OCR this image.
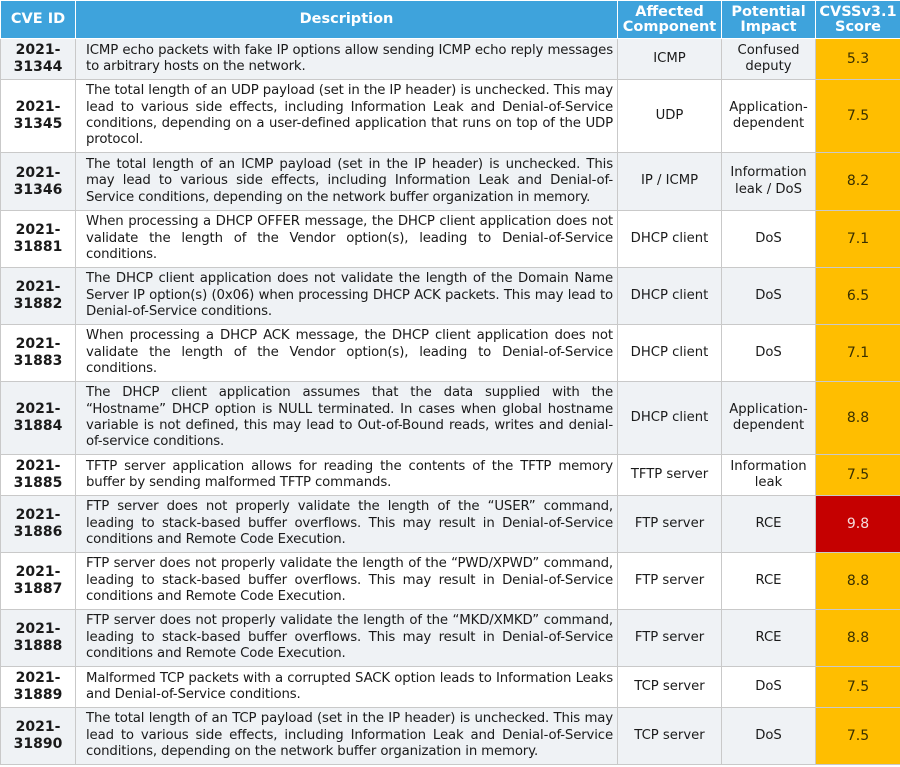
CVE ID	Description	Affected Component	Potential Impact	CVSSv3.1 Score
2021-31344	ICMP echo packets with fake IP options allow sending ICMP echo reply messages to arbitrary hosts on the network.	ICMP	Confused deputy	5.3
2021-31345	The total length of an UDP payload (set in the IP header) is unchecked. This may lead to various side effects, including Information Leak and Denial-of-Service conditions, depending on a user-defined application that runs on top of the UDP protocol.	UDP	Application-dependent	7.5
2021-31346	The total length of an ICMP payload (set in the IP header) is unchecked. This may lead to various side effects, including Information Leak and Denial-of-Service conditions, depending on the network buffer organization in memory.	IP / ICMP	Information leak / DoS	8.2
2021-31881	When processing a DHCP OFFER message, the DHCP client application does not validate the length of the Vendor option(s), leading to Denial-of-Service conditions.	DHCP client	DoS	7.1
2021-31882	The DHCP client application does not validate the length of the Domain Name Server IP option(s) (0x06) when processing DHCP ACK packets. This may lead to Denial-of-Service conditions.	DHCP client	DoS	6.5
2021-31883	When processing a DHCP ACK message, the DHCP client application does not validate the length of the Vendor option(s), leading to Denial-of-Service conditions.	DHCP client	DoS	7.1
2021-31884	The DHCP client application assumes that the data supplied with the “Hostname” DHCP option is NULL terminated. In cases when global hostname variable is not defined, this may lead to Out-of-Bound reads, writes and denial-of-service conditions.	DHCP client	Application-dependent	8.8
2021-31885	TFTP server application allows for reading the contents of the TFTP memory buffer by sending malformed TFTP commands.	TFTP server	Information leak	7.5
2021-31886	FTP server does not properly validate the length of the “USER” command, leading to stack-based buffer overflows. This may result in Denial-of-Service conditions and Remote Code Execution.	FTP server	RCE	9.8
2021-31887	FTP server does not properly validate the length of the “PWD/XPWD” command, leading to stack-based buffer overflows. This may result in Denial-of-Service conditions and Remote Code Execution.	FTP server	RCE	8.8
2021-31888	FTP server does not properly validate the length of the “MKD/XMKD” command, leading to stack-based buffer overflows. This may result in Denial-of-Service conditions and Remote Code Execution.	FTP server	RCE	8.8
2021-31889	Malformed TCP packets with a corrupted SACK option leads to Information Leaks and Denial-of-Service conditions.	TCP server	DoS	7.5
2021-31890	The total length of an TCP payload (set in the IP header) is unchecked. This may lead to various side effects, including Information Leak and Denial-of-Service conditions, depending on the network buffer organization in memory.	TCP server	DoS	7.5
